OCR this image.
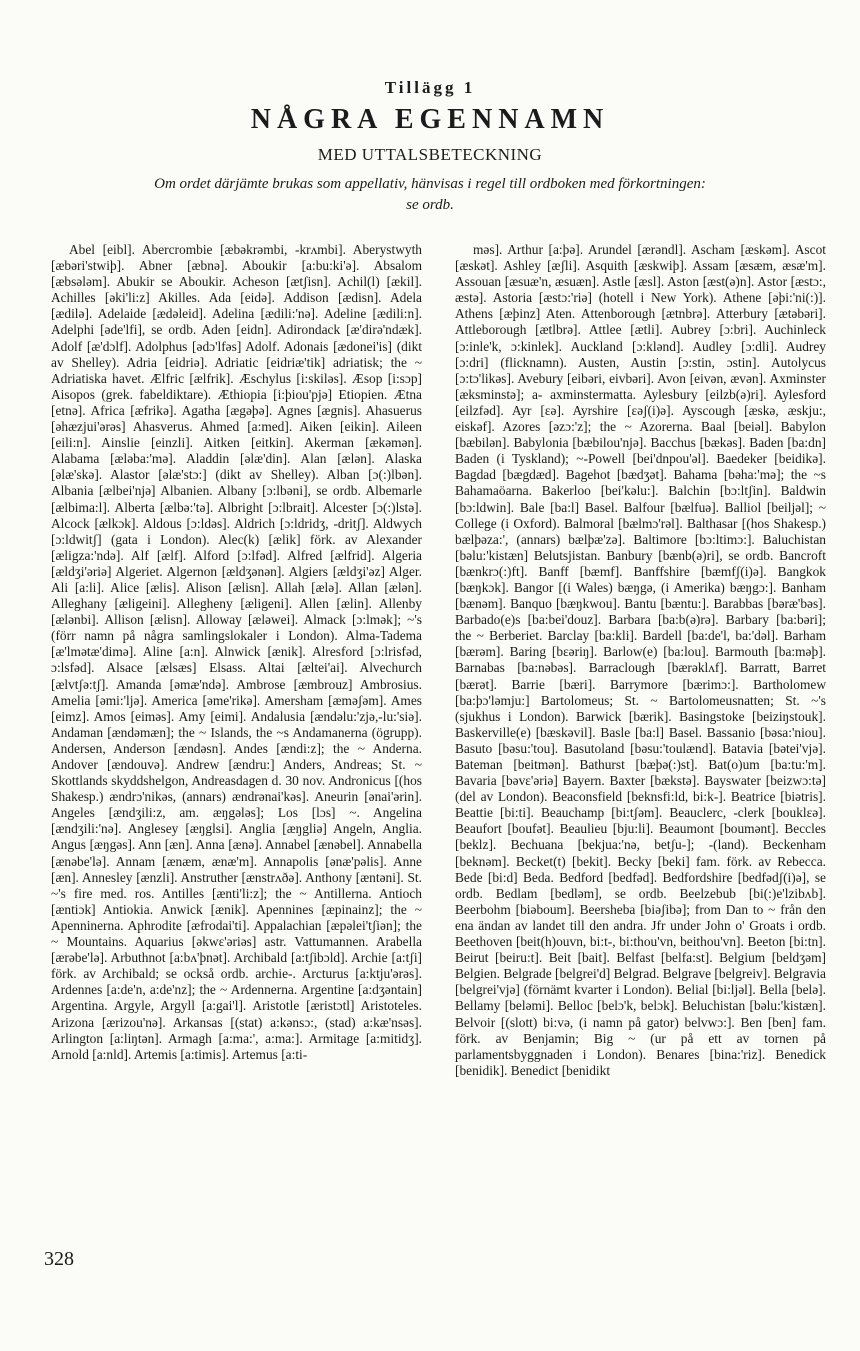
Tillägg 1
NÅGRA EGENNAMN
MED UTTALSBETECKNING
Om ordet därjämte brukas som appellativ, hänvisas i regel till ordboken med förkortningen: se ordb.

Abel [eibl]. Abercrombie [æbəkrəmbi, -krʌmbi]. Aberystwyth [æbəri'stwiþ]. Abner [æbnə]. Aboukir [a:bu:ki'ə]. Absalom [æbsələm]. Abukir se Aboukir. Acheson [ætʃisn]. Achil(l) [ækil]. Achilles [əki'li:z] Akilles. Ada [eidə]. Addison [ædisn]. Adela [ædilə]. Adelaide [ædəleid]. Adelina [ædili:'nə]. Adeline [ædili:n]. Adelphi [əde'lfi], se ordb. Aden [eidn]. Adirondack [æ'dirə'ndæk]. Adolf [æ'dɔlf]. Adolphus [ədɔ'lfəs] Adolf. Adonais [ædonei'is] (dikt av Shelley). Adria [eidriə]. Adriatic [eidriæ'tik] adriatisk; the ~ Adriatiska havet. Ælfric [ælfrik]. Æschylus [i:skiləs]. Æsop [i:sɔp] Aisopos (grek. fabeldiktare). Æthiopia [i:þiou'pjə] Etiopien. Ætna [etnə]. Africa [æfrikə]. Agatha [ægəþə]. Agnes [ægnis]. Ahasuerus [əhæzjui'ərəs] Ahasverus. Ahmed [a:med]. Aiken [eikin]. Aileen [eili:n]. Ainslie [einzli]. Aitken [eitkin]. Akerman [ækəmən]. Alabama [æləba:'mə]. Aladdin [əlæ'din]. Alan [ælən]. Alaska [əlæ'skə]. Alastor [əlæ'stɔ:] (dikt av Shelley). Alban [ɔ(:)lbən]. Albania [ælbei'njə] Albanien. Albany [ɔ:lbəni], se ordb. Albemarle [ælbima:l]. Alberta [ælbə:'tə]. Albright [ɔ:lbrait]. Alcester [ɔ(:)lstə]. Alcock [ælkɔk]. Aldous [ɔ:ldəs]. Aldrich [ɔ:ldridʒ, -dritʃ]. Aldwych [ɔ:ldwitʃ] (gata i London). Alec(k) [ælik] förk. av Alexander [æligza:'ndə]. Alf [ælf]. Alford [ɔ:lfəd]. Alfred [ælfrid]. Algeria [ældʒi'əriə] Algeriet. Algernon [ældʒənən]. Algiers [ældʒi'əz] Alger. Ali [a:li]. Alice [ælis]. Alison [ælisn]. Allah [ælə]. Allan [ælən]. Alleghany [æligeini]. Allegheny [æligeni]. Allen [ælin]. Allenby [ælənbi]. Allison [ælisn]. Alloway [æləwei]. Almack [ɔ:lmək]; ~'s (förr namn på några samlingslokaler i London). Alma-Tadema [æ'lmətæ'dimə]. Aline [a:n]. Alnwick [ænik]. Alresford [ɔ:lrisfəd, ɔ:lsfəd]. Alsace [ælsæs] Elsass. Altai [æltei'ai]. Alvechurch [ælvtʃə:tʃ]. Amanda [əmæ'ndə]. Ambrose [æmbrouz] Ambrosius. Amelia [əmi:'ljə]. America [əme'rikə]. Amersham [æməʃəm]. Ames [eimz]. Amos [eiməs]. Amy [eimi]. Andalusia [ændəlu:'zjə,-lu:'siə]. Andaman [ændəmæn]; the ~ Islands, the ~s Andamanerna (ögrupp). Andersen, Anderson [ændəsn]. Andes [ændi:z]; the ~ Anderna. Andover [ændouvə]. Andrew [ændru:] Anders, Andreas; St. ~ Skottlands skyddshelgon, Andreasdagen d. 30 nov. Andronicus [(hos Shakesp.) ændrɔ'nikəs, (annars) ændrənai'kəs]. Aneurin [ənai'ərin]. Angeles [ændʒili:z, am. æŋgələs]; Los [lɔs] ~. Angelina [ændʒili:'nə]. Anglesey [æŋglsi]. Anglia [æŋgliə] Angeln, Anglia. Angus [æŋgəs]. Ann [æn]. Anna [ænə]. Annabel [ænəbel]. Annabella [ænəbe'lə]. Annam [ænæm, ænæ'm]. Annapolis [ənæ'pəlis]. Anne [æn]. Annesley [ænzli]. Anstruther [ænstrʌðə]. Anthony [æntəni]. St. ~'s fire med. ros. Antilles [ænti'li:z]; the ~ Antillerna. Antioch [æntiɔk] Antiokia. Anwick [ænik]. Apennines [æpinainz]; the ~ Apenninerna. Aphrodite [æfrodai'ti]. Appalachian [æpəlei'tʃiən]; the ~ Mountains. Aquarius [əkwɛ'əriəs] astr. Vattumannen. Arabella [ærəbe'lə]. Arbuthnot [a:bʌ'þnət]. Archibald [a:tʃibɔld]. Archie [a:tʃi] förk. av Archibald; se också ordb. archie-. Arcturus [a:ktju'ərəs]. Ardennes [a:de'n, a:de'nz]; the ~ Ardennerna. Argentine [a:dʒəntain] Argentina. Argyle, Argyll [a:gai'l]. Aristotle [æristɔtl] Aristoteles. Arizona [ærizou'nə]. Arkansas [(stat) a:kənsɔ:, (stad) a:kæ'nsəs]. Arlington [a:liŋtən]. Armagh [a:ma:', a:ma:]. Armitage [a:mitidʒ]. Arnold [a:nld]. Artemis [a:timis]. Artemus [a:ti-

məs]. Arthur [a:þə]. Arundel [ærəndl]. Ascham [æskəm]. Ascot [æskət]. Ashley [æʃli]. Asquith [æskwiþ]. Assam [æsæm, æsæ'm]. Assouan [æsuæ'n, æsuæn]. Astle [æsl]. Aston [æst(ə)n]. Astor [æstɔ:, æstə]. Astoria [æstɔ:'riə] (hotell i New York). Athene [əþi:'ni(:)]. Athens [æþinz] Aten. Attenborough [ætnbrə]. Atterbury [ætəbəri]. Attleborough [ætlbrə]. Attlee [ætli]. Aubrey [ɔ:bri]. Auchinleck [ɔ:inle'k, ɔ:kinlek]. Auckland [ɔ:klənd]. Audley [ɔ:dli]. Audrey [ɔ:dri] (flicknamn). Austen, Austin [ɔ:stin, ɔstin]. Autolycus [ɔ:tɔ'likəs]. Avebury [eibəri, eivbəri]. Avon [eivən, ævən]. Axminster [æksminstə]; a- axminstermatta. Aylesbury [eilzb(ə)ri]. Aylesford [eilzfəd]. Ayr [ɛə]. Ayrshire [ɛəʃ(i)ə]. Ayscough [æskə, æskju:, eiskəf]. Azores [əzɔ:'z]; the ~ Azorerna. Baal [beiəl]. Babylon [bæbilən]. Babylonia [bæbilou'njə]. Bacchus [bækəs]. Baden [ba:dn] Baden (i Tyskland); ~-Powell [bei'dnpou'əl]. Baedeker [beidikə]. Bagdad [bægdæd]. Bagehot [bædʒət]. Bahama [bəha:'mə]; the ~s Bahamaöarna. Bakerloo [bei'kəlu:]. Balchin [bɔ:ltʃin]. Baldwin [bɔ:ldwin]. Bale [ba:l] Basel. Balfour [bælfuə]. Balliol [beiljəl]; ~ College (i Oxford). Balmoral [bælmɔ'rəl]. Balthasar [(hos Shakesp.) bælþəza:', (annars) bælþæ'zə]. Baltimore [bɔ:ltimɔ:]. Baluchistan [bəlu:'kistæn] Belutsjistan. Banbury [bænb(ə)ri], se ordb. Bancroft [bænkrɔ(:)ft]. Banff [bæmf]. Banffshire [bæmfʃ(i)ə]. Bangkok [bæŋkɔk]. Bangor [(i Wales) bæŋgə, (i Amerika) bæŋgɔ:]. Banham [bænəm]. Banquo [bæŋkwou]. Bantu [bæntu:]. Barabbas [bəræ'bəs]. Barbado(e)s [ba:bei'douz]. Barbara [ba:b(ə)rə]. Barbary [ba:bəri]; the ~ Berberiet. Barclay [ba:kli]. Bardell [ba:de'l, ba:'dəl]. Barham [bærəm]. Baring [bɛəriŋ]. Barlow(e) [ba:lou]. Barmouth [ba:məþ]. Barnabas [ba:nəbəs]. Barraclough [bærəklʌf]. Barratt, Barret [bærət]. Barrie [bæri]. Barrymore [bærimɔ:]. Bartholomew [ba:þɔ'ləmju:] Bartolomeus; St. ~ Bartolomeusnatten; St. ~'s (sjukhus i London). Barwick [bærik]. Basingstoke [beiziŋstouk]. Baskerville(e) [bæskəvil]. Basle [ba:l] Basel. Bassanio [bəsa:'niou]. Basuto [bəsu:'tou]. Basutoland [bəsu:'toulænd]. Batavia [bətei'vjə]. Bateman [beitmən]. Bathurst [bæþə(:)st]. Bat(o)um [ba:tu:'m]. Bavaria [bəvɛ'əriə] Bayern. Baxter [bækstə]. Bayswater [beizwɔ:tə] (del av London). Beaconsfield [beknsfi:ld, bi:k-]. Beatrice [biətris]. Beattie [bi:ti]. Beauchamp [bi:tʃəm]. Beauclerc, -clerk [bouklɛə]. Beaufort [boufət]. Beaulieu [bju:li]. Beaumont [boumənt]. Beccles [beklz]. Bechuana [bekjua:'nə, betʃu-]; -(land). Beckenham [beknəm]. Becket(t) [bekit]. Becky [beki] fam. förk. av Rebecca. Bede [bi:d] Beda. Bedford [bedfəd]. Bedfordshire [bedfədʃ(i)ə], se ordb. Bedlam [bedləm], se ordb. Beelzebub [bi(:)e'lzibʌb]. Beerbohm [biəboum]. Beersheba [biəʃibə]; from Dan to ~ från den ena ändan av landet till den andra. Jfr under John o' Groats i ordb. Beethoven [beit(h)ouvn, bi:t-, bi:thou'vn, beithou'vn]. Beeton [bi:tn]. Beirut [beiru:t]. Beit [bait]. Belfast [belfa:st]. Belgium [beldʒəm] Belgien. Belgrade [belgrei'd] Belgrad. Belgrave [belgreiv]. Belgravia [belgrei'vjə] (förnämt kvarter i London). Belial [bi:ljəl]. Bella [belə]. Bellamy [beləmi]. Belloc [belɔ'k, belɔk]. Beluchistan [bəlu:'kistæn]. Belvoir [(slott) bi:və, (i namn på gator) belvwɔ:]. Ben [ben] fam. förk. av Benjamin; Big ~ (ur på ett av tornen på parlamentsbyggnaden i London). Benares [bina:'riz]. Benedick [benidik]. Benedict [benidikt

328
